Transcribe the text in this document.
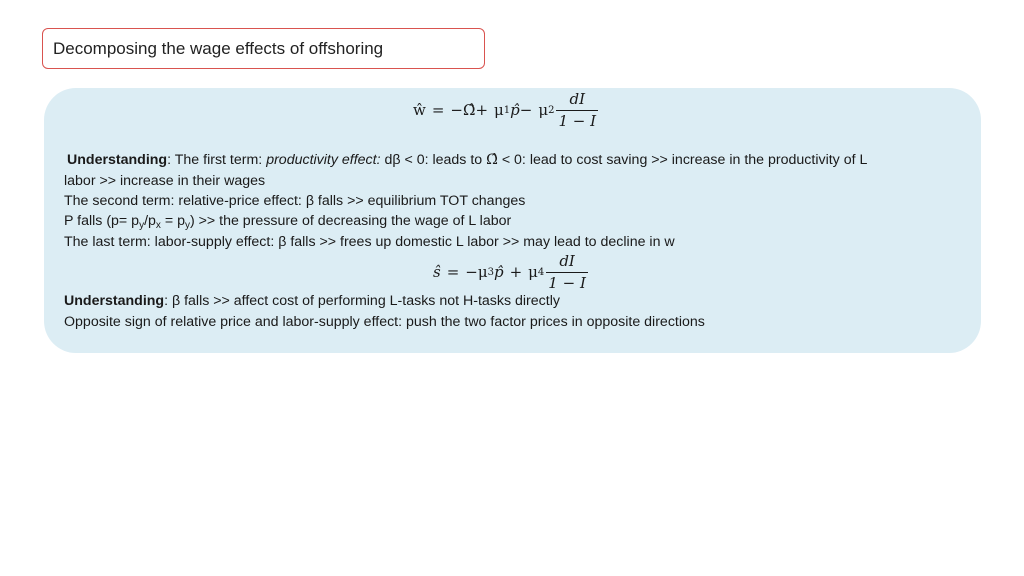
Decomposing the wage effects of offshoring
ŵ = −Ω̂ + μ 1 p̂ − μ $2 \frac{dI}{1 - I}$
Understanding: The first term: productivity effect: dβ < 0: leads to Ω̂ < 0: lead to cost saving >> increase in the productivity of L
labor >> increase in their wages
The second term: relative-price effect: β falls >> equilibrium TOT changes
P falls $(p= p_y/p_x = p_y)$ >> the pressure of decreasing the wage of L labor
The last term: labor-supply effect: β falls >> frees up domestic L labor >> may lead to decline in w
ŝ = −μ 3 p̂ + μ $4 \frac{dI}{1 - I}$
Understanding: β falls >> affect cost of performing L-tasks not H-tasks directly
Opposite sign of relative price and labor-supply effect: push the two factor prices in opposite directions
